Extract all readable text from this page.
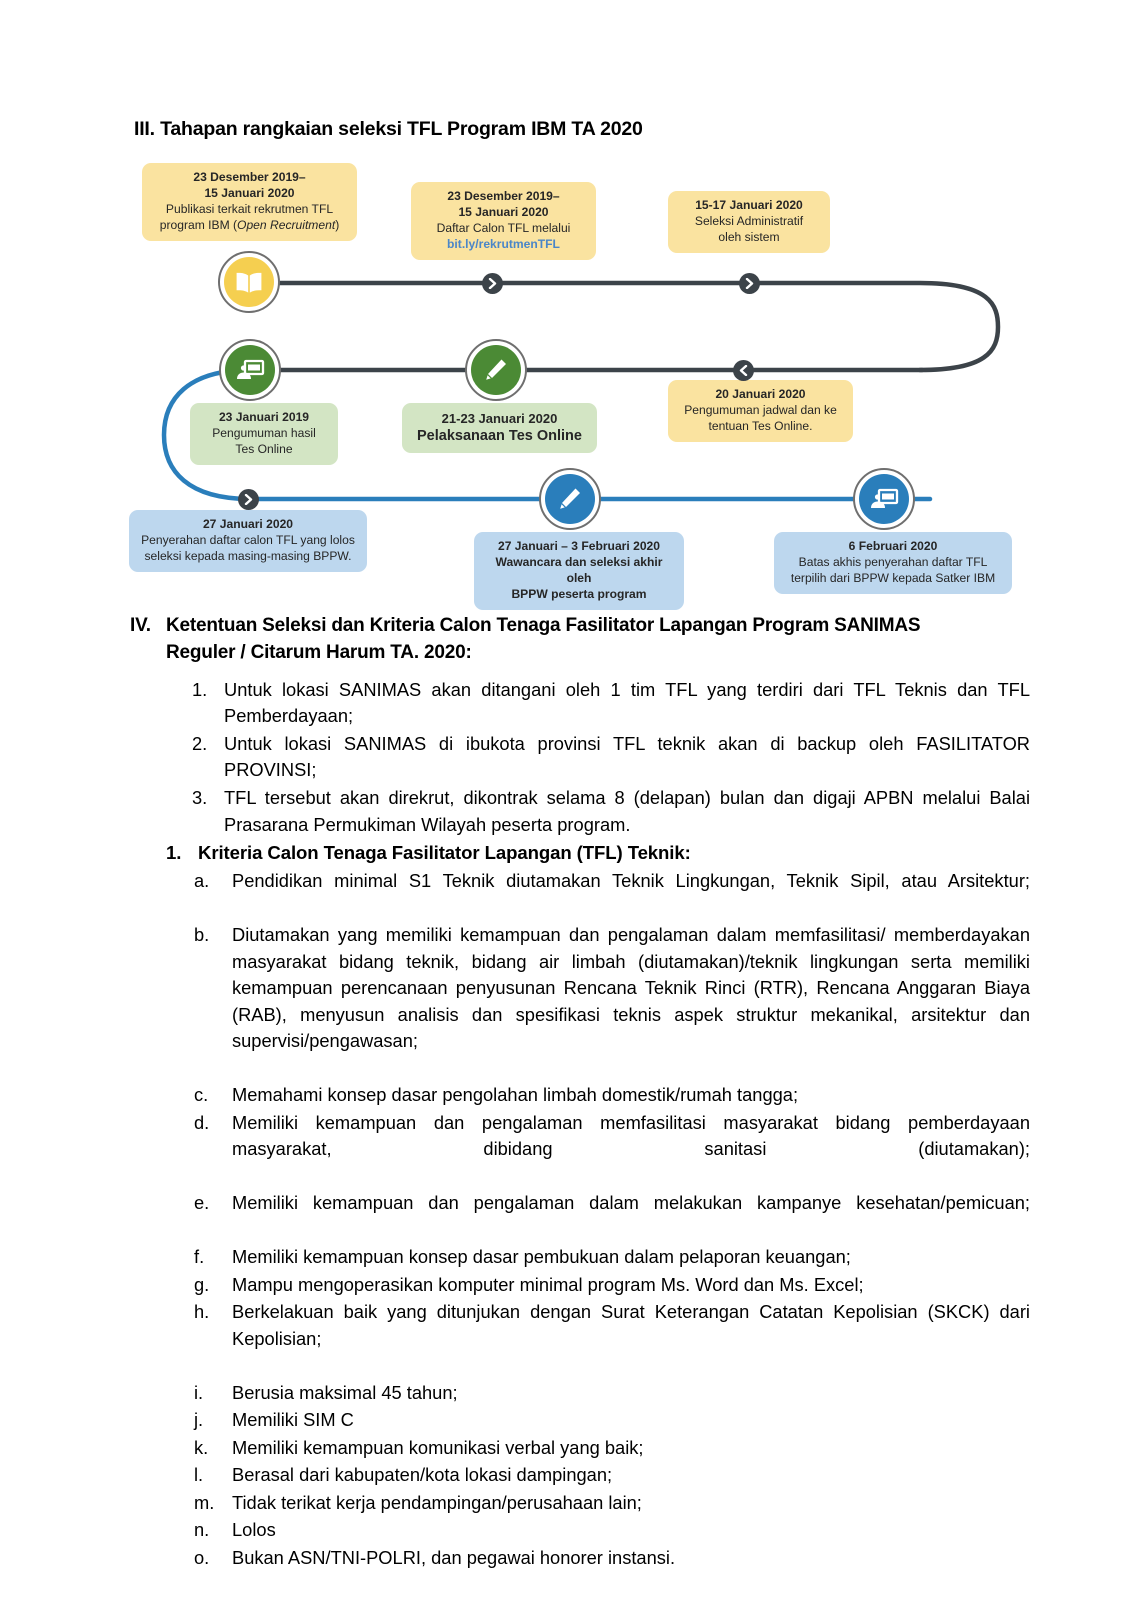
III. Tahapan rangkaian seleksi TFL Program IBM TA 2020
23 Desember 2019–
15 Januari 2020
Publikasi terkait rekrutmen TFL
program IBM (Open Recruitment)
23 Desember 2019–
15 Januari 2020
Daftar Calon TFL melalui
bit.ly/rekrutmenTFL
15-17 Januari 2020
Seleksi Administratif
oleh sistem
23 Januari 2019
Pengumuman hasil
Tes Online
21-23 Januari 2020
Pelaksanaan Tes Online
20 Januari 2020
Pengumuman jadwal dan ke
tentuan Tes Online.
27 Januari 2020
Penyerahan daftar calon TFL yang lolos
seleksi kepada masing-masing BPPW.
27 Januari – 3 Februari 2020
Wawancara dan seleksi akhir oleh
BPPW peserta program
6 Februari 2020
Batas akhis penyerahan daftar TFL
terpilih dari BPPW kepada Satker IBM
IV. Ketentuan Seleksi dan Kriteria Calon Tenaga Fasilitator Lapangan Program SANIMAS
Reguler / Citarum Harum TA. 2020:
1. Untuk lokasi SANIMAS akan ditangani oleh 1 tim TFL yang terdiri dari TFL Teknis dan TFL Pemberdayaan;
2. Untuk lokasi SANIMAS di ibukota provinsi TFL teknik akan di backup oleh FASILITATOR PROVINSI;
3. TFL tersebut akan direkrut, dikontrak selama 8 (delapan) bulan dan digaji APBN melalui Balai Prasarana Permukiman Wilayah peserta program.
1. Kriteria Calon Tenaga Fasilitator Lapangan (TFL) Teknik:
a.	Pendidikan minimal S1 Teknik diutamakan Teknik Lingkungan, Teknik Sipil, atau Arsitektur;
b.	Diutamakan yang memiliki kemampuan dan pengalaman dalam memfasilitasi/ memberdayakan masyarakat bidang teknik, bidang air limbah (diutamakan)/teknik lingkungan serta memiliki kemampuan perencanaan penyusunan Rencana Teknik Rinci (RTR), Rencana Anggaran Biaya (RAB), menyusun analisis dan spesifikasi teknis aspek struktur mekanikal, arsitektur dan supervisi/pengawasan;
c.	Memahami konsep dasar pengolahan limbah domestik/rumah tangga;
d.	Memiliki kemampuan dan pengalaman memfasilitasi masyarakat bidang pemberdayaan masyarakat, dibidang sanitasi (diutamakan);
e.	Memiliki kemampuan dan pengalaman dalam melakukan kampanye kesehatan/pemicuan;
f.	Memiliki kemampuan konsep dasar pembukuan dalam pelaporan keuangan;
g.	Mampu mengoperasikan komputer minimal program Ms. Word dan Ms. Excel;
h.	Berkelakuan baik yang ditunjukan dengan Surat Keterangan Catatan Kepolisian (SKCK) dari Kepolisian;
i.	Berusia maksimal 45 tahun;
j.	Memiliki SIM C
k.	Memiliki kemampuan komunikasi verbal yang baik;
l.	Berasal dari kabupaten/kota lokasi dampingan;
m. Tidak terikat kerja pendampingan/perusahaan lain;
n.	Lolos
o.	Bukan ASN/TNI-POLRI, dan pegawai honorer instansi.
